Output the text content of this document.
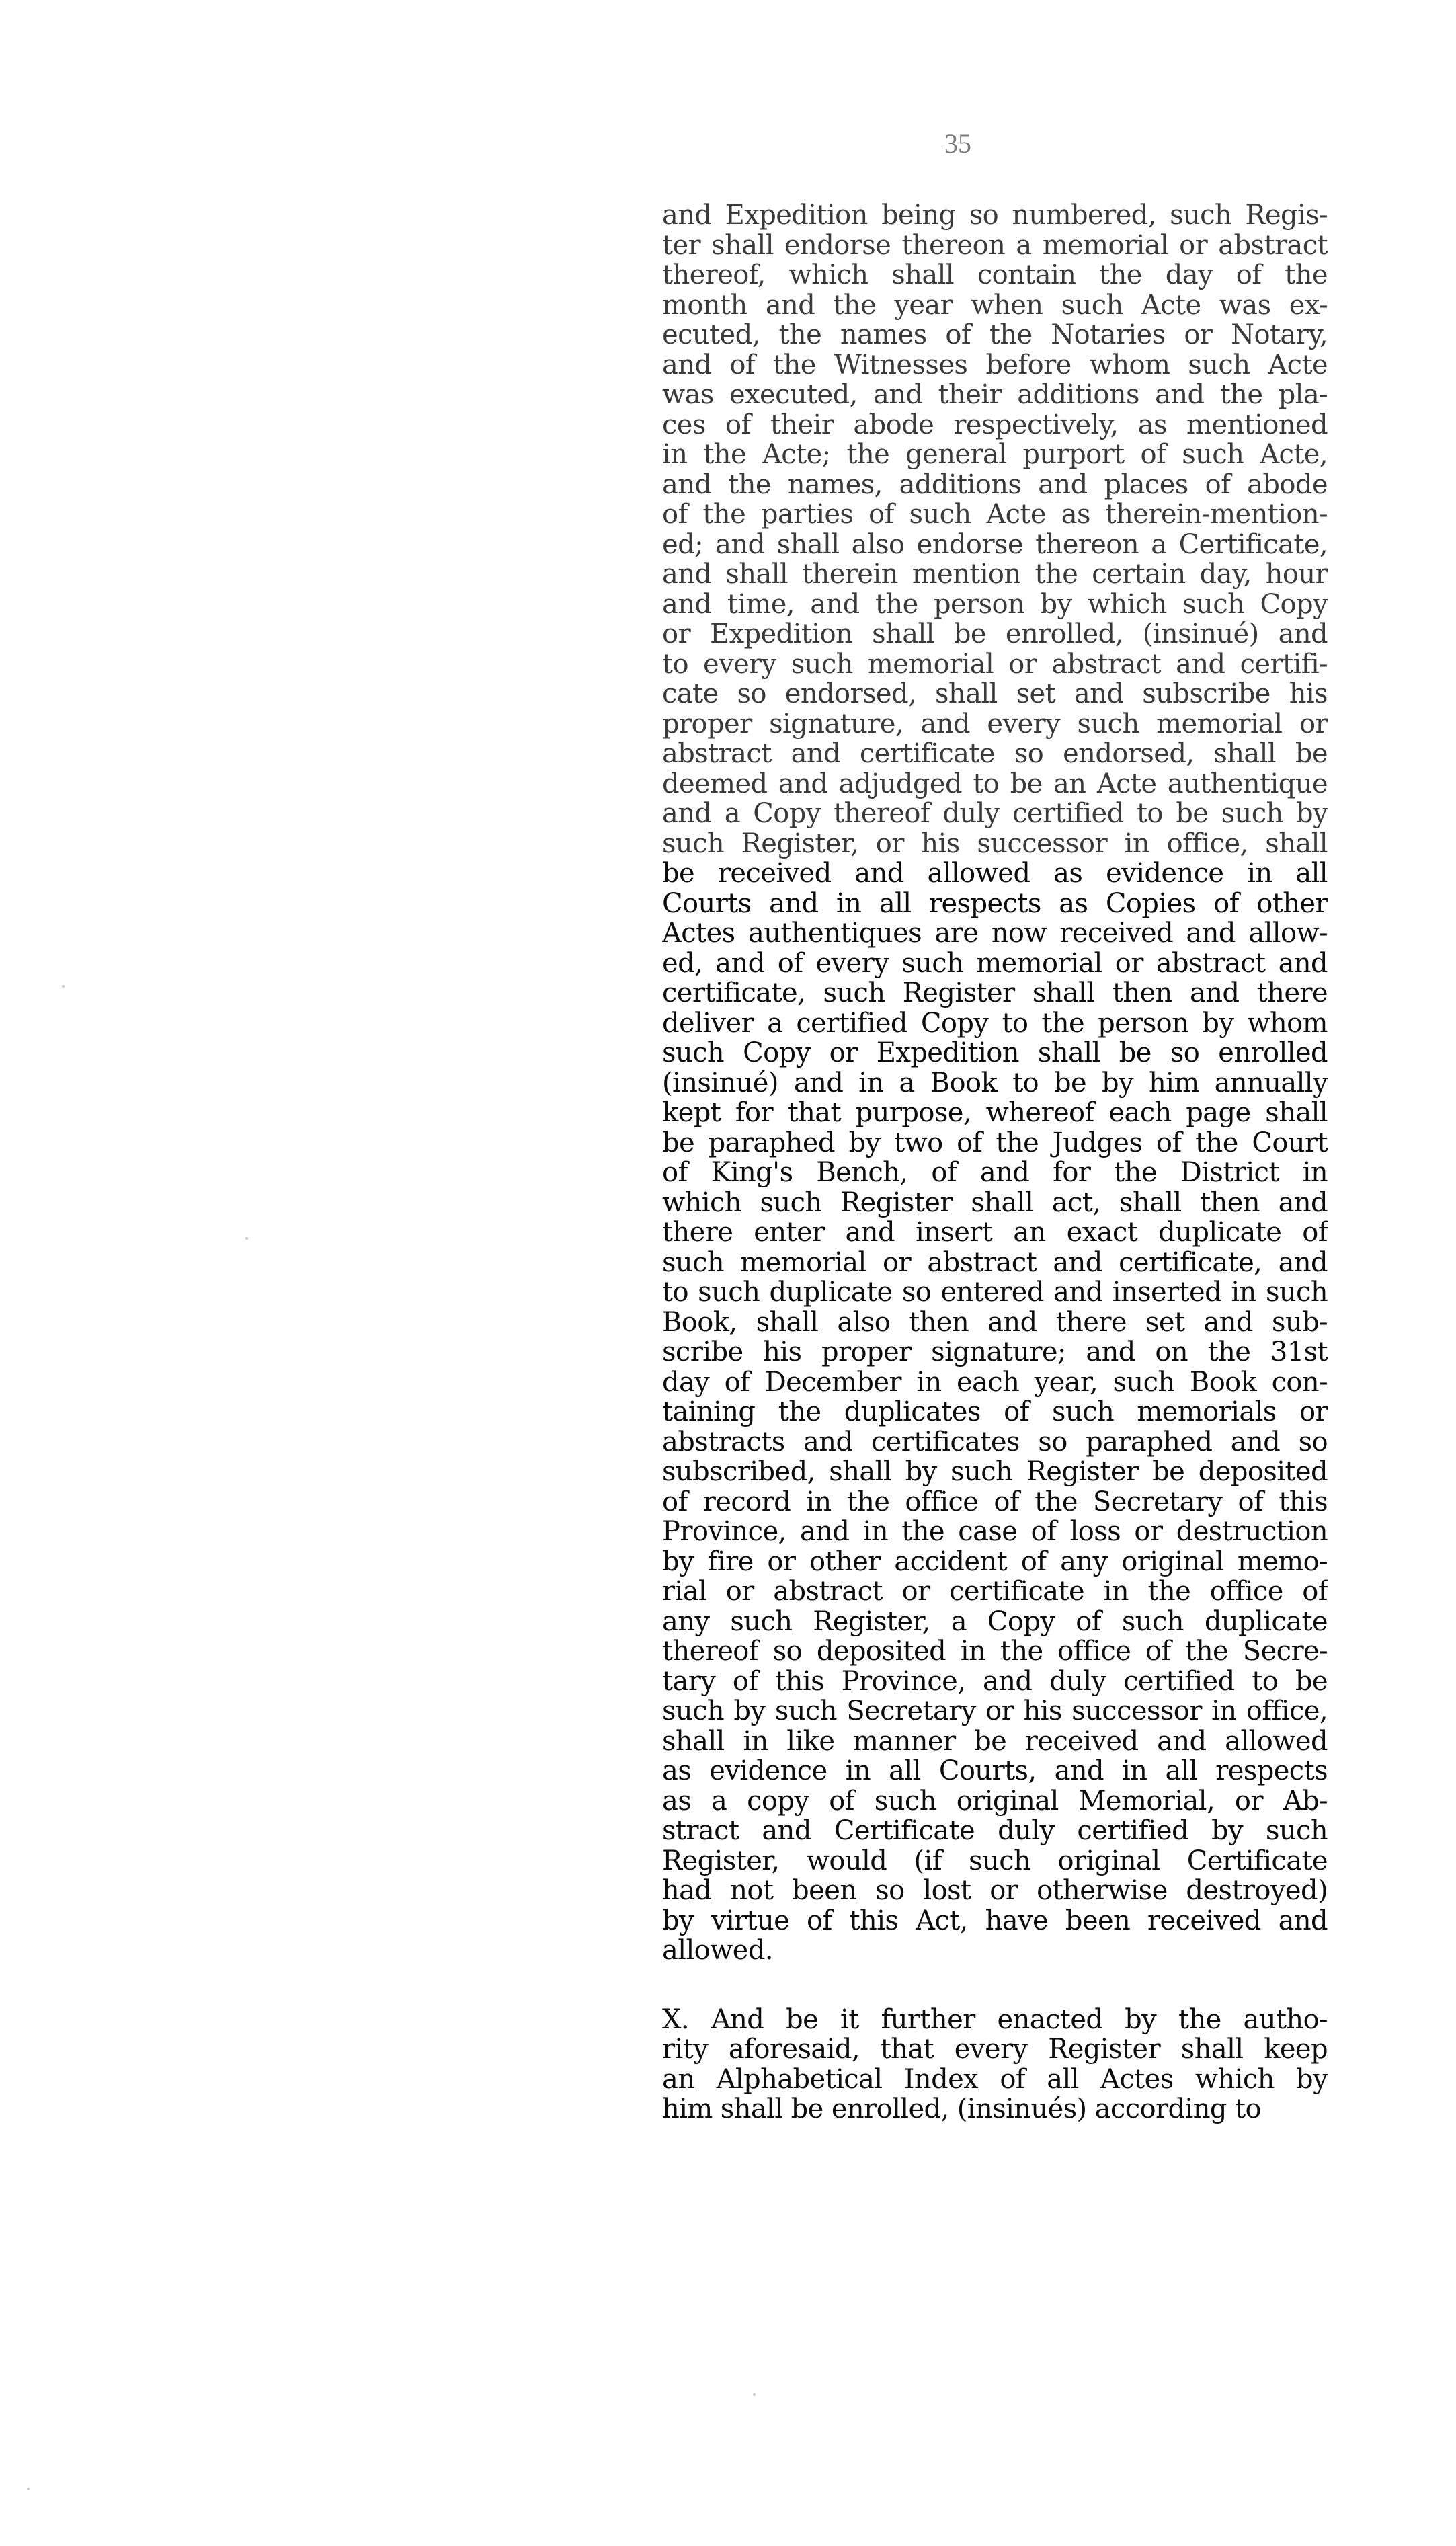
35
and Expedition being so numbered, such Regis-
ter shall endorse thereon a memorial or abstract
thereof, which shall contain the day of the
month and the year when such Acte was ex-
ecuted, the names of the Notaries or Notary,
and of the Witnesses before whom such Acte
was executed, and their additions and the pla-
ces of their abode respectively, as mentioned
in the Acte; the general purport of such Acte,
and the names, additions and places of abode
of the parties of such Acte as therein-mention-
ed; and shall also endorse thereon a Certificate,
and shall therein mention the certain day, hour
and time, and the person by which such Copy
or Expedition shall be enrolled, (insinué) and
to every such memorial or abstract and certifi-
cate so endorsed, shall set and subscribe his
proper signature, and every such memorial or
abstract and certificate so endorsed, shall be
deemed and adjudged to be an Acte authentique
and a Copy thereof duly certified to be such by
such Register, or his successor in office, shall
be received and allowed as evidence in all
Courts and in all respects as Copies of other
Actes authentiques are now received and allow-
ed, and of every such memorial or abstract and
certificate, such Register shall then and there
deliver a certified Copy to the person by whom
such Copy or Expedition shall be so enrolled
(insinué) and in a Book to be by him annually
kept for that purpose, whereof each page shall
be paraphed by two of the Judges of the Court
of King's Bench, of and for the District in
which such Register shall act, shall then and
there enter and insert an exact duplicate of
such memorial or abstract and certificate, and
to such duplicate so entered and inserted in such
Book, shall also then and there set and sub-
scribe his proper signature; and on the 31st
day of December in each year, such Book con-
taining the duplicates of such memorials or
abstracts and certificates so paraphed and so
subscribed, shall by such Register be deposited
of record in the office of the Secretary of this
Province, and in the case of loss or destruction
by fire or other accident of any original memo-
rial or abstract or certificate in the office of
any such Register, a Copy of such duplicate
thereof so deposited in the office of the Secre-
tary of this Province, and duly certified to be
such by such Secretary or his successor in office,
shall in like manner be received and allowed
as evidence in all Courts, and in all respects
as a copy of such original Memorial, or Ab-
stract and Certificate duly certified by such
Register, would (if such original Certificate
had not been so lost or otherwise destroyed)
by virtue of this Act, have been received and
allowed.
X. And be it further enacted by the autho-
rity aforesaid, that every Register shall keep
an Alphabetical Index of all Actes which by
him shall be enrolled, (insinués) according to
